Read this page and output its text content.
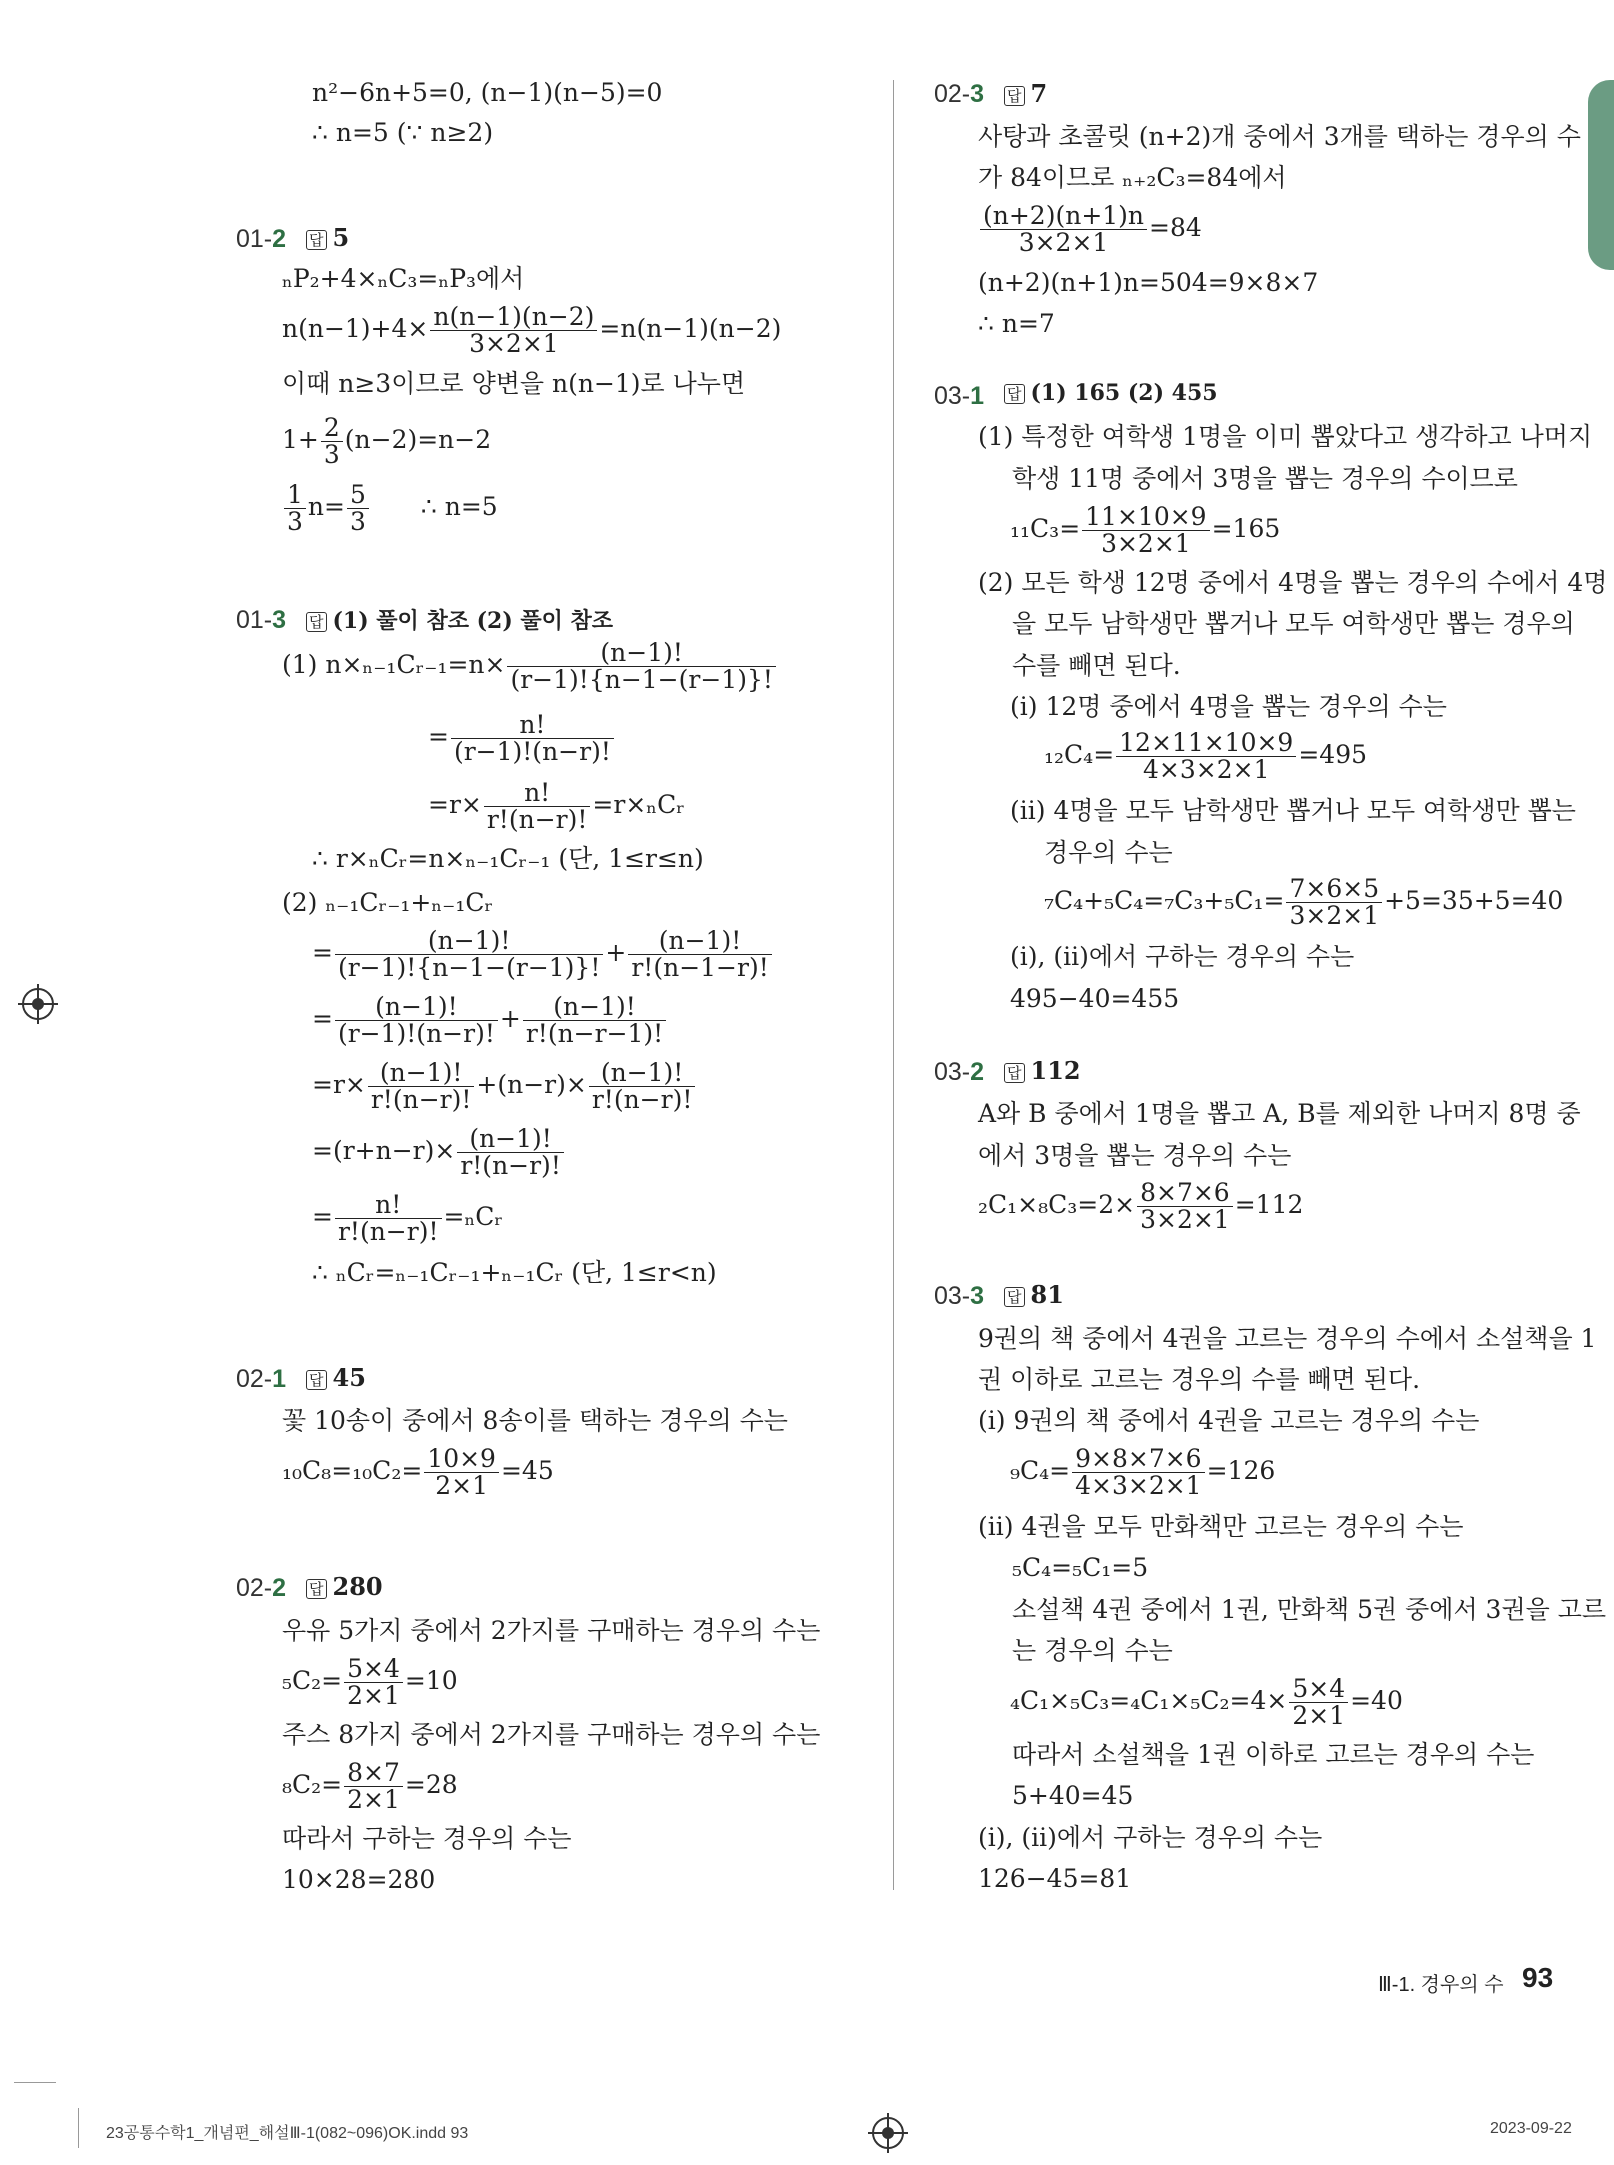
n²−6n+5=0, (n−1)(n−5)=0
∴ n=5 (∵ n≥2)
01-2 답 5
ₙP₂+4×ₙC₃=ₙP₃에서
$n(n-1)+4\times \frac{n(n-1)(n-2)}{3\times 2\times 1} =n(n-1)(n-2)$
이때 n≥3이므로 양변을 n(n−1)로 나누면
$1+ \frac{2}{3} (n-2)=n-2$
$\frac{1}{3} n= \frac{5}{3}$ ∴ n=5
01-3 답 (1) 풀이 참조 (2) 풀이 참조
(1) n×ₙ₋₁Cᵣ₋₁=n× $\frac{(n-1)!}{(r-1)!\{n-1-(r-1)\}!}$
= $\frac{n!}{(r-1)!(n-r)!}$
$=r\times \frac{n!}{r!(n-r)!}$ =r×ₙCᵣ
∴ r×ₙCᵣ=n×ₙ₋₁Cᵣ₋₁ (단, 1≤r≤n)
(2) ₙ₋₁Cᵣ₋₁+ₙ₋₁Cᵣ
= $\frac{(n-1)!}{(r-1)!\{n-1-(r-1)\}!} + \frac{(n-1)!}{r!(n-1-r)!}$
= $\frac{(n-1)!}{(r-1)!(n-r)!} + \frac{(n-1)!}{r!(n-r-1)!}$
$=r\times \frac{(n-1)!}{r!(n-r)!} +(n-r)\times \frac{(n-1)!}{r!(n-r)!}$
$=(r+n-r)\times \frac{(n-1)!}{r!(n-r)!}$
= $\frac{n!}{r!(n-r)!}$ =ₙCᵣ
∴ ₙCᵣ=ₙ₋₁Cᵣ₋₁+ₙ₋₁Cᵣ (단, 1≤r<n)
02-1 답 45
꽃 10송이 중에서 8송이를 택하는 경우의 수는
$_{10}C_8=_{10}C_2= \frac{10\times 9}{2\times 1} =45$
02-2 답 280
우유 5가지 중에서 2가지를 구매하는 경우의 수는
$_5C_2= \frac{5\times 4}{2\times 1} =10$
주스 8가지 중에서 2가지를 구매하는 경우의 수는
$_8C_2= \frac{8\times 7}{2\times 1} =28$
따라서 구하는 경우의 수는
10×28=280
02-3 답 7
사탕과 초콜릿 (n+2)개 중에서 3개를 택하는 경우의 수
가 84이므로 ₙ₊₂C₃=84에서
$\frac{(n+2)(n+1)n}{3\times 2\times 1} =84$
(n+2)(n+1)n=504=9×8×7
∴ n=7
03-1 답 (1) 165 (2) 455
(1) 특정한 여학생 1명을 이미 뽑았다고 생각하고 나머지
학생 11명 중에서 3명을 뽑는 경우의 수이므로
$_{11}C_3= \frac{11\times 10\times 9}{3\times 2\times 1} =165$
(2) 모든 학생 12명 중에서 4명을 뽑는 경우의 수에서 4명
을 모두 남학생만 뽑거나 모두 여학생만 뽑는 경우의
수를 빼면 된다.
(ⅰ) 12명 중에서 4명을 뽑는 경우의 수는
$_{12}C_4= \frac{12\times 11\times 10\times 9}{4\times 3\times 2\times 1} =495$
(ⅱ) 4명을 모두 남학생만 뽑거나 모두 여학생만 뽑는
경우의 수는
$_7C_4+_5C_4=_7C_3+_5C_1= \frac{7\times 6\times 5}{3\times 2\times 1} +5=35+5=40$
(ⅰ), (ⅱ)에서 구하는 경우의 수는
495−40=455
03-2 답 112
A와 B 중에서 1명을 뽑고 A, B를 제외한 나머지 8명 중
에서 3명을 뽑는 경우의 수는
$_2C_1\times_8C_3=2\times \frac{8\times 7\times 6}{3\times 2\times 1} =112$
03-3 답 81
9권의 책 중에서 4권을 고르는 경우의 수에서 소설책을 1
권 이하로 고르는 경우의 수를 빼면 된다.
(ⅰ) 9권의 책 중에서 4권을 고르는 경우의 수는
$_9C_4= \frac{9\times 8\times 7\times 6}{4\times 3\times 2\times 1} =126$
(ⅱ) 4권을 모두 만화책만 고르는 경우의 수는
₅C₄=₅C₁=5
소설책 4권 중에서 1권, 만화책 5권 중에서 3권을 고르
는 경우의 수는
$_4C_1\times_5C_3=_4C_1\times_5C_2=4\times \frac{5\times 4}{2\times 1} =40$
따라서 소설책을 1권 이하로 고르는 경우의 수는
5+40=45
(ⅰ), (ⅱ)에서 구하는 경우의 수는
126−45=81
Ⅲ-1. 경우의 수 93
23공통수학1_개념편_해설Ⅲ-1(082~096)OK.indd 93	2023-09-22
